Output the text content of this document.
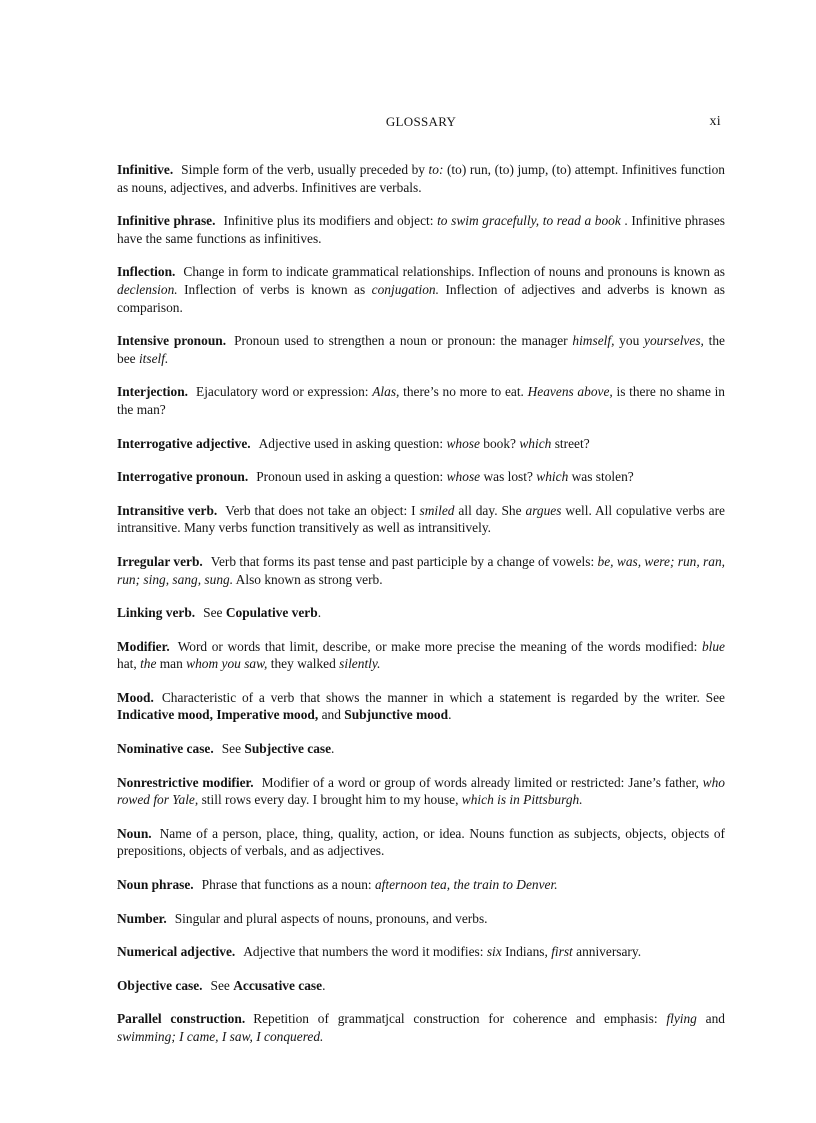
GLOSSARY	xi

Infinitive. Simple form of the verb, usually preceded by to: (to) run, (to) jump, (to) attempt. Infinitives function as nouns, adjectives, and adverbs. Infinitives are verbals.

Infinitive phrase. Infinitive plus its modifiers and object: to swim gracefully, to read a book . Infinitive phrases have the same functions as infinitives.

Inflection. Change in form to indicate grammatical relationships. Inflection of nouns and pronouns is known as declension. Inflection of verbs is known as conjugation. Inflection of adjectives and adverbs is known as comparison.

Intensive pronoun. Pronoun used to strengthen a noun or pronoun: the manager himself, you yourselves, the bee itself.

Interjection. Ejaculatory word or expression: Alas, there’s no more to eat. Heavens above, is there no shame in the man?

Interrogative adjective. Adjective used in asking question: whose book? which street?

Interrogative pronoun. Pronoun used in asking a question: whose was lost? which was stolen?

Intransitive verb. Verb that does not take an object: I smiled all day. She argues well. All copulative verbs are intransitive. Many verbs function transitively as well as intransitively.

Irregular verb. Verb that forms its past tense and past participle by a change of vowels: be, was, were; run, ran, run; sing, sang, sung. Also known as strong verb.

Linking verb. See Copulative verb.

Modifier. Word or words that limit, describe, or make more precise the meaning of the words modified: blue hat, the man whom you saw, they walked silently.

Mood. Characteristic of a verb that shows the manner in which a statement is regarded by the writer. See Indicative mood, Imperative mood, and Subjunctive mood.

Nominative case. See Subjective case.

Nonrestrictive modifier. Modifier of a word or group of words already limited or restricted: Jane’s father, who rowed for Yale, still rows every day. I brought him to my house, which is in Pittsburgh.

Noun. Name of a person, place, thing, quality, action, or idea. Nouns function as subjects, objects, objects of prepositions, objects of verbals, and as adjectives.

Noun phrase. Phrase that functions as a noun: afternoon tea, the train to Denver.

Number. Singular and plural aspects of nouns, pronouns, and verbs.

Numerical adjective. Adjective that numbers the word it modifies: six Indians, first anniversary.

Objective case. See Accusative case.

Parallel construction. Repetition of grammatjcal construction for coherence and emphasis: flying and swimming; I came, I saw, I conquered.
